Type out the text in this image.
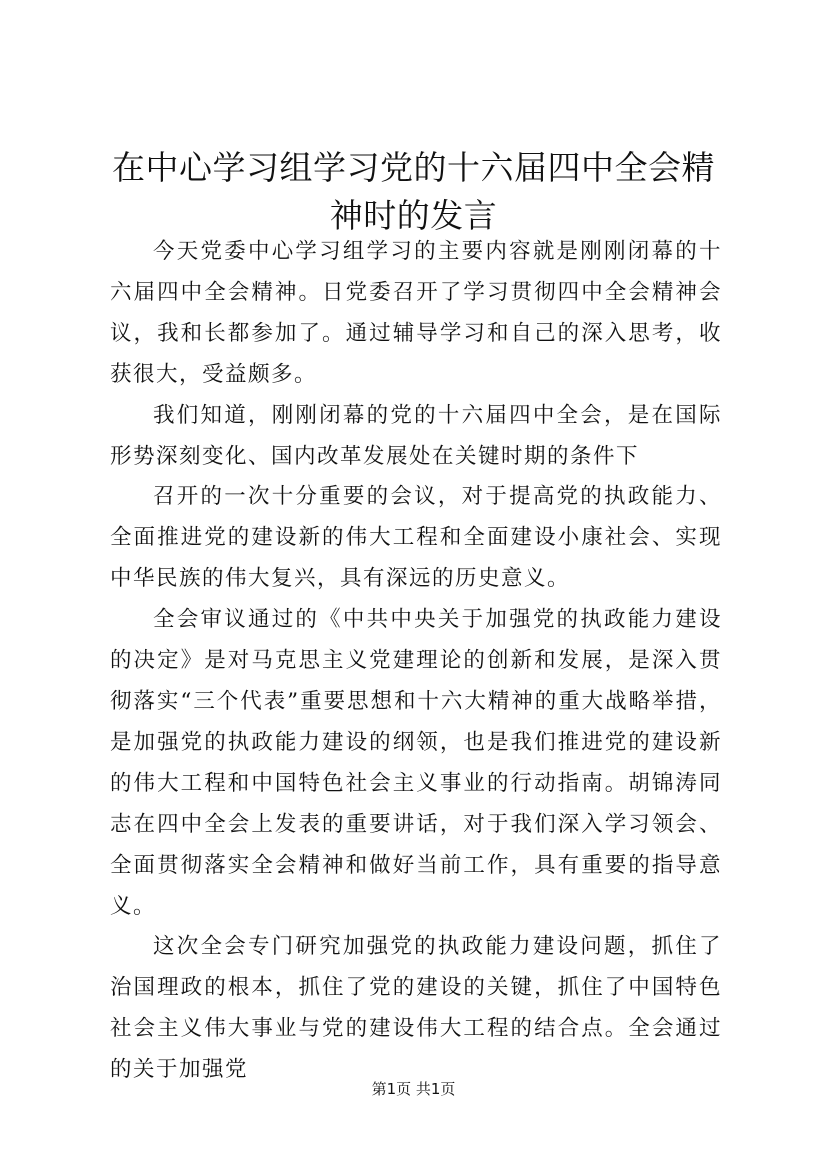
在中心学习组学习党的十六届四中全会精神时的发言

今天党委中心学习组学习的主要内容就是刚刚闭幕的十六届四中全会精神。日党委召开了学习贯彻四中全会精神会议，我和长都参加了。通过辅导学习和自己的深入思考，收获很大，受益颇多。

我们知道，刚刚闭幕的党的十六届四中全会，是在国际形势深刻变化、国内改革发展处在关键时期的条件下

召开的一次十分重要的会议，对于提高党的执政能力、全面推进党的建设新的伟大工程和全面建设小康社会、实现中华民族的伟大复兴，具有深远的历史意义。

全会审议通过的《中共中央关于加强党的执政能力建设的决定》是对马克思主义党建理论的创新和发展，是深入贯彻落实“三个代表”重要思想和十六大精神的重大战略举措，是加强党的执政能力建设的纲领，也是我们推进党的建设新的伟大工程和中国特色社会主义事业的行动指南。胡锦涛同志在四中全会上发表的重要讲话，对于我们深入学习领会、全面贯彻落实全会精神和做好当前工作，具有重要的指导意义。

这次全会专门研究加强党的执政能力建设问题，抓住了治国理政的根本，抓住了党的建设的关键，抓住了中国特色社会主义伟大事业与党的建设伟大工程的结合点。全会通过的关于加强党

第1页 共1页
